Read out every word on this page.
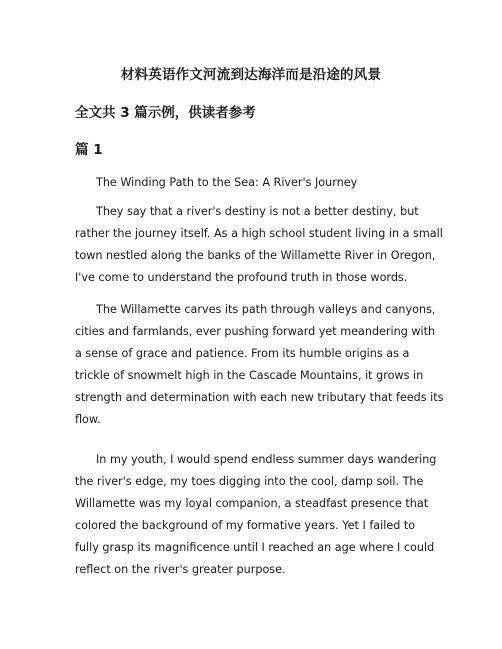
材料英语作文河流到达海洋而是沿途的风景
全文共 3 篇示例，供读者参考
篇 1
The Winding Path to the Sea: A River's Journey
They say that a river's destiny is not a better destiny, but
rather the journey itself. As a high school student living in a small
town nestled along the banks of the Willamette River in Oregon,
I've come to understand the profound truth in those words.
The Willamette carves its path through valleys and canyons,
cities and farmlands, ever pushing forward yet meandering with
a sense of grace and patience. From its humble origins as a
trickle of snowmelt high in the Cascade Mountains, it grows in
strength and determination with each new tributary that feeds its
flow.
In my youth, I would spend endless summer days wandering
the river's edge, my toes digging into the cool, damp soil. The
Willamette was my loyal companion, a steadfast presence that
colored the background of my formative years. Yet I failed to
fully grasp its magnificence until I reached an age where I could
reflect on the river's greater purpose.
